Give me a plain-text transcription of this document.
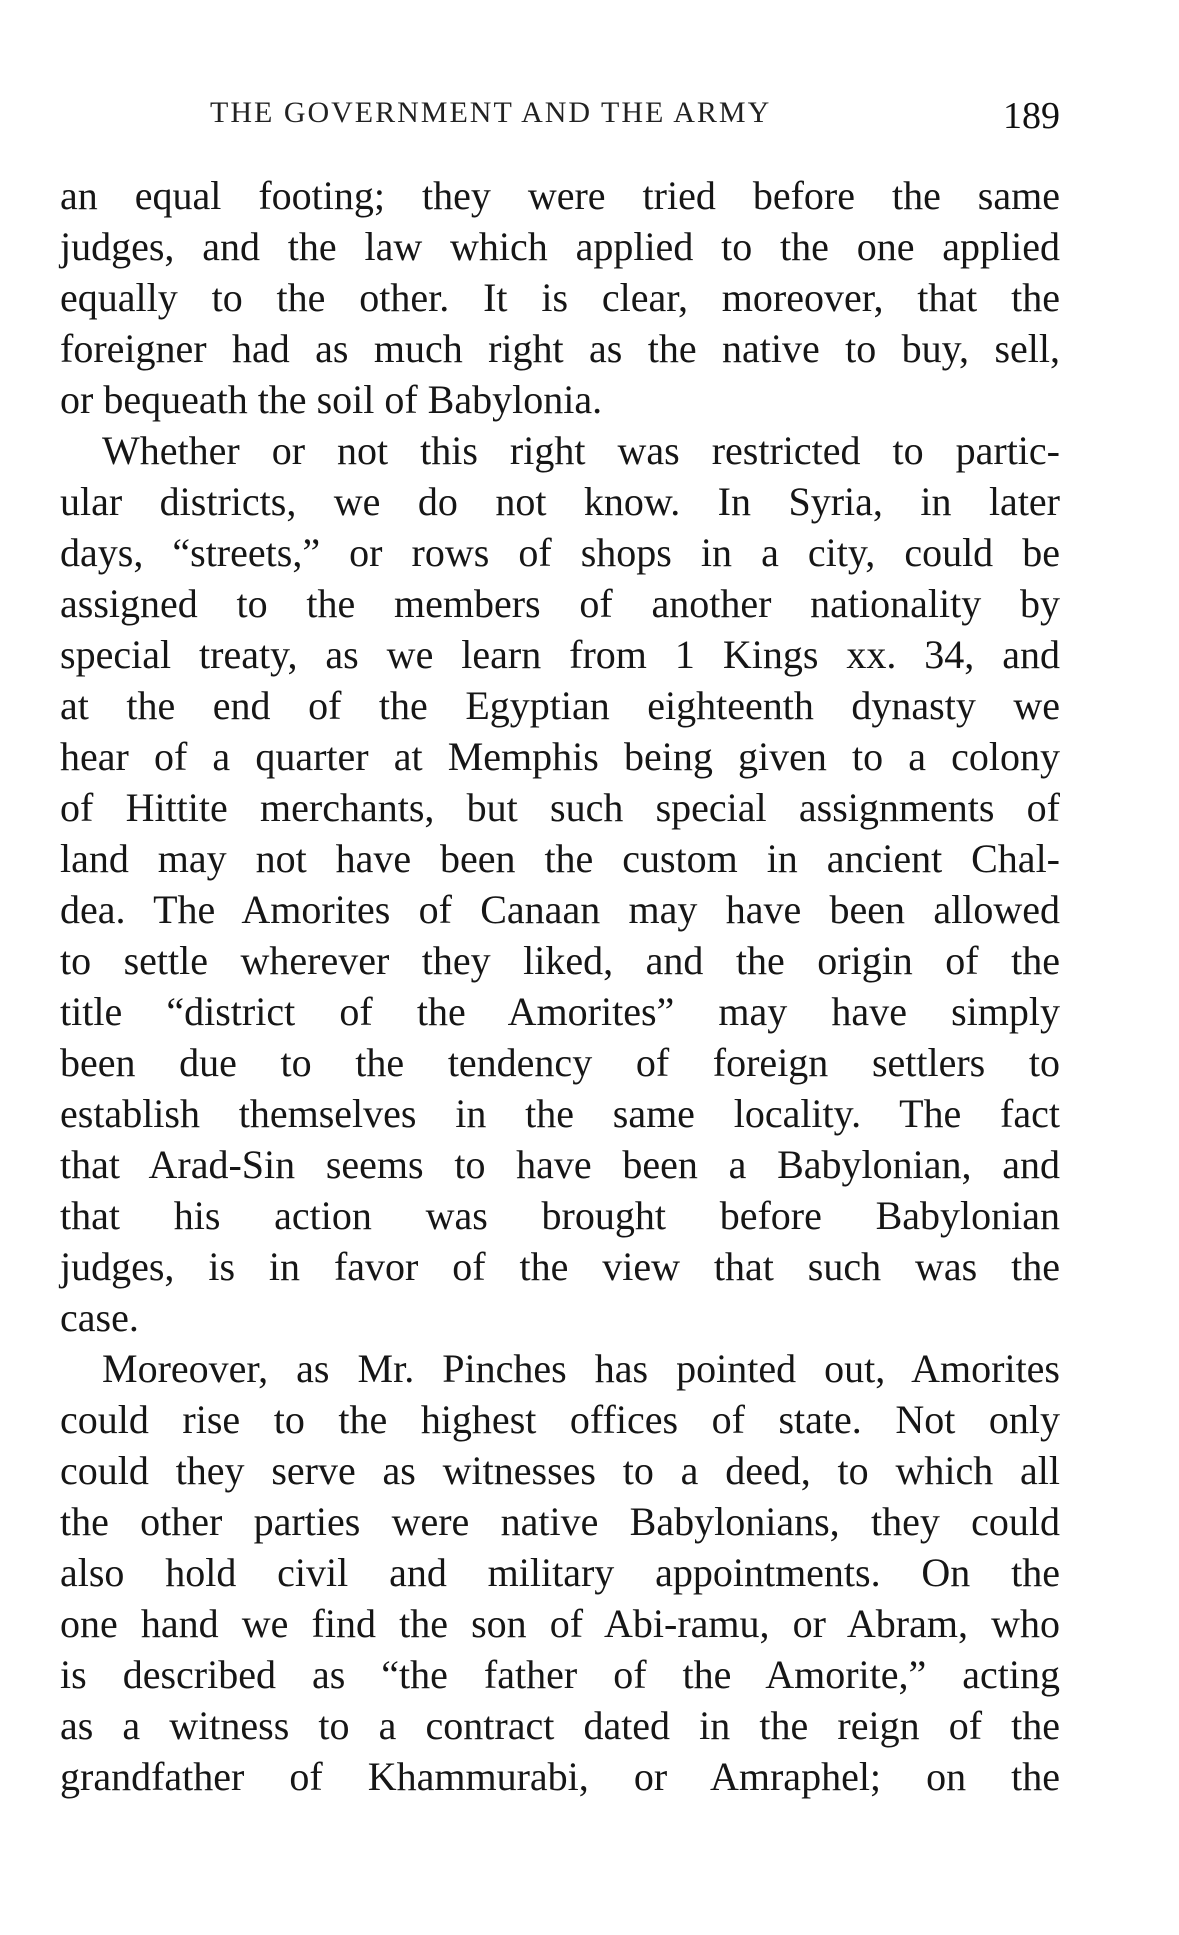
THE GOVERNMENT AND THE ARMY	189
an equal footing; they were tried before the same
judges, and the law which applied to the one applied
equally to the other. It is clear, moreover, that the
foreigner had as much right as the native to buy, sell,
or bequeath the soil of Babylonia.
Whether or not this right was restricted to partic-
ular districts, we do not know. In Syria, in later
days, “streets,” or rows of shops in a city, could be
assigned to the members of another nationality by
special treaty, as we learn from 1 Kings xx. 34, and
at the end of the Egyptian eighteenth dynasty we
hear of a quarter at Memphis being given to a colony
of Hittite merchants, but such special assignments of
land may not have been the custom in ancient Chal-
dea. The Amorites of Canaan may have been allowed
to settle wherever they liked, and the origin of the
title “district of the Amorites” may have simply
been due to the tendency of foreign settlers to
establish themselves in the same locality. The fact
that Arad-Sin seems to have been a Babylonian, and
that his action was brought before Babylonian
judges, is in favor of the view that such was the
case.
Moreover, as Mr. Pinches has pointed out, Amorites
could rise to the highest offices of state. Not only
could they serve as witnesses to a deed, to which all
the other parties were native Babylonians, they could
also hold civil and military appointments. On the
one hand we find the son of Abi-ramu, or Abram, who
is described as “the father of the Amorite,” acting
as a witness to a contract dated in the reign of the
grandfather of Khammurabi, or Amraphel; on the
